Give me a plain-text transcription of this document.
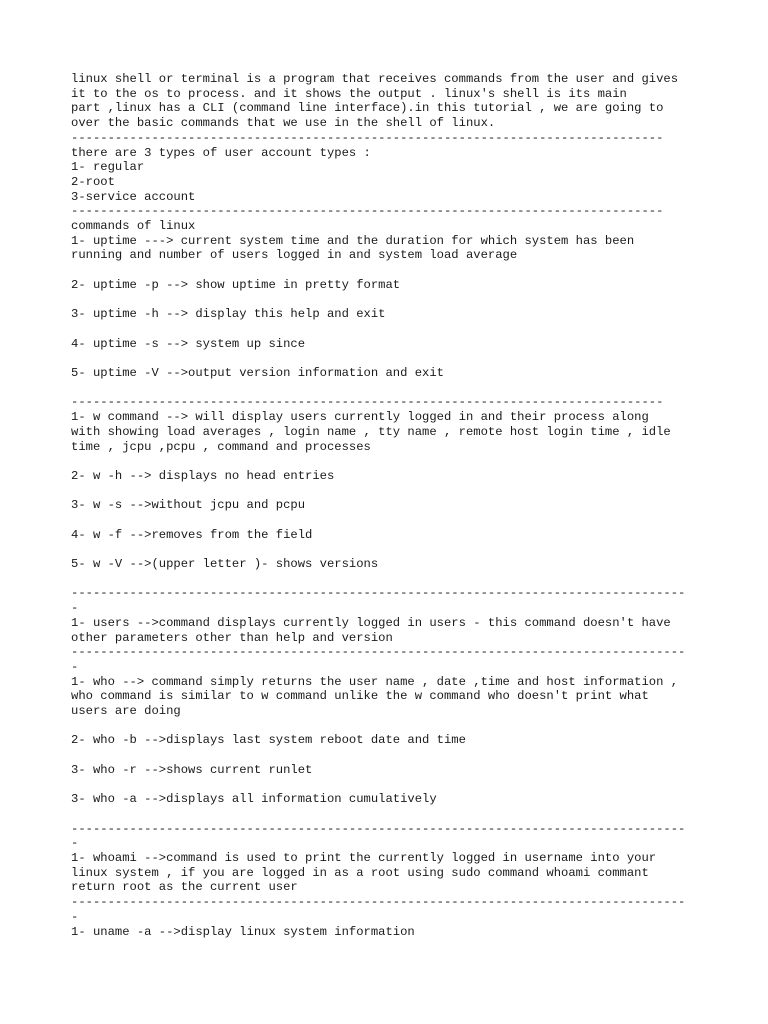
linux shell or terminal is a program that receives commands from the user and gives
it to the os to process. and it shows the output . linux's shell is its main
part ,linux has a CLI (command line interface).in this tutorial , we are going to
over the basic commands that we use in the shell of linux.
---------------------------------------------------------------------------------
there are 3 types of user account types :
1- regular
2-root
3-service account
---------------------------------------------------------------------------------
commands of linux
1- uptime ---> current system time and the duration for which system has been
running and number of users logged in and system load average
2- uptime -p --> show uptime in pretty format
3- uptime -h --> display this help and exit
4- uptime -s --> system up since
5- uptime -V -->output version information and exit
---------------------------------------------------------------------------------
1- w command --> will display users currently logged in and their process along
with showing load averages , login name , tty name , remote host login time , idle
time , jcpu ,pcpu , command and processes
2- w -h --> displays no head entries
3- w -s -->without jcpu and pcpu
4- w -f -->removes from the field
5- w -V -->(upper letter )- shows versions
------------------------------------------------------------------------------------
-
1- users -->command displays currently logged in users - this command doesn't have
other parameters other than help and version
------------------------------------------------------------------------------------
-
1- who --> command simply returns the user name , date ,time and host information ,
who command is similar to w command unlike the w command who doesn't print what
users are doing
2- who -b -->displays last system reboot date and time
3- who -r -->shows current runlet
3- who -a -->displays all information cumulatively
------------------------------------------------------------------------------------
-
1- whoami -->command is used to print the currently logged in username into your
linux system , if you are logged in as a root using sudo command whoami commant
return root as the current user
------------------------------------------------------------------------------------
-
1- uname -a -->display linux system information
